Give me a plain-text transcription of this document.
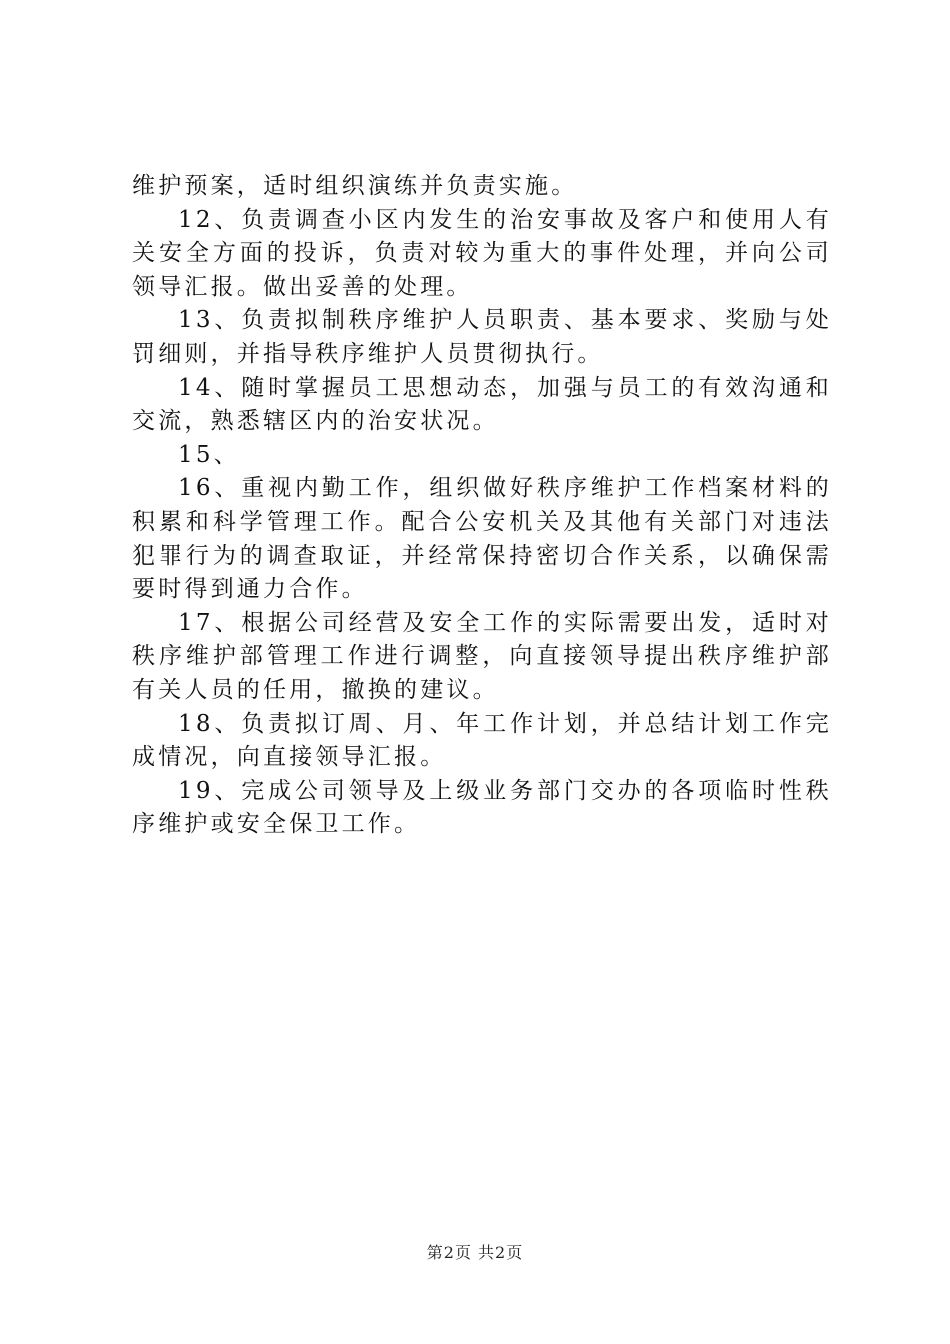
维护预案，适时组织演练并负责实施。

12、负责调查小区内发生的治安事故及客户和使用人有关安全方面的投诉，负责对较为重大的事件处理，并向公司领导汇报。做出妥善的处理。

13、负责拟制秩序维护人员职责、基本要求、奖励与处罚细则，并指导秩序维护人员贯彻执行。

14、随时掌握员工思想动态，加强与员工的有效沟通和交流，熟悉辖区内的治安状况。

15、

16、重视内勤工作，组织做好秩序维护工作档案材料的积累和科学管理工作。配合公安机关及其他有关部门对违法犯罪行为的调查取证，并经常保持密切合作关系，以确保需要时得到通力合作。

17、根据公司经营及安全工作的实际需要出发，适时对秩序维护部管理工作进行调整，向直接领导提出秩序维护部有关人员的任用，撤换的建议。

18、负责拟订周、月、年工作计划，并总结计划工作完成情况，向直接领导汇报。

19、完成公司领导及上级业务部门交办的各项临时性秩序维护或安全保卫工作。

第2页 共2页
